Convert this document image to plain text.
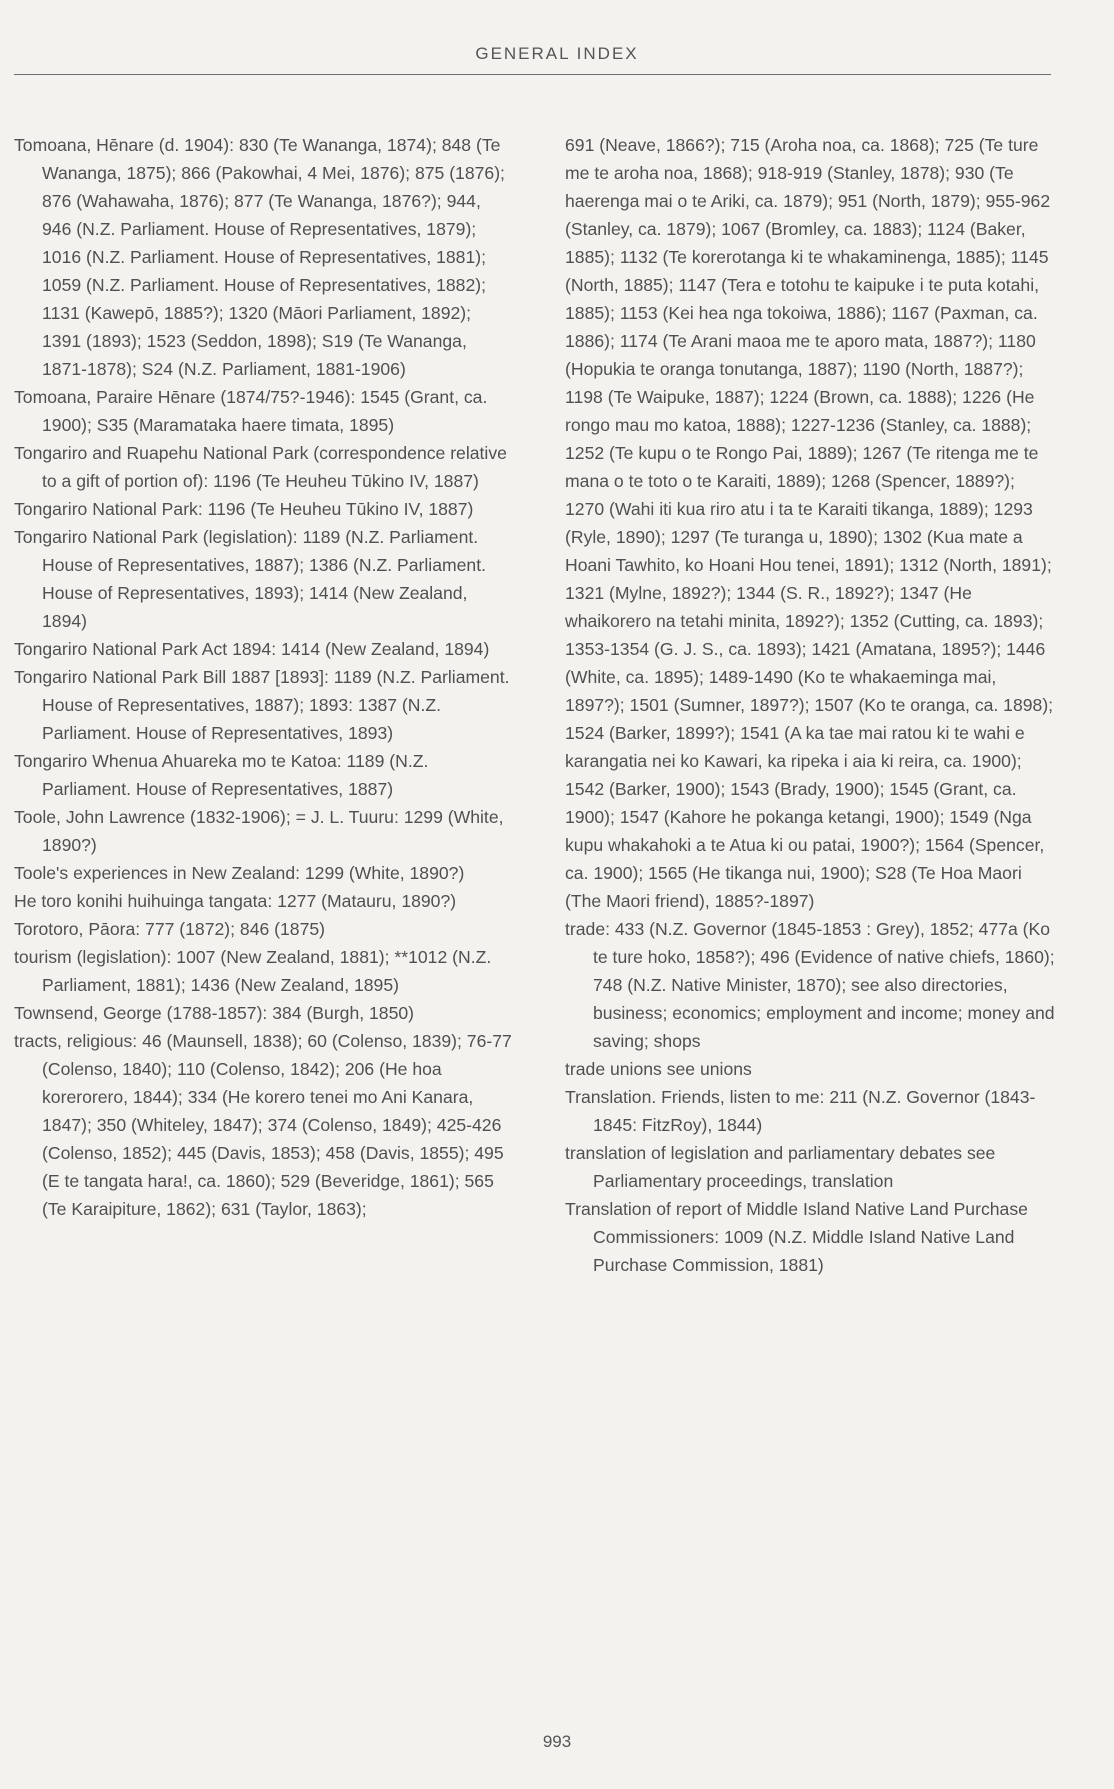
GENERAL INDEX
Tomoana, Hēnare (d. 1904): 830 (Te Wananga, 1874); 848 (Te Wananga, 1875); 866 (Pakowhai, 4 Mei, 1876); 875 (1876); 876 (Wahawaha, 1876); 877 (Te Wananga, 1876?); 944, 946 (N.Z. Parliament. House of Representatives, 1879); 1016 (N.Z. Parliament. House of Representatives, 1881); 1059 (N.Z. Parliament. House of Representatives, 1882); 1131 (Kawepō, 1885?); 1320 (Māori Parliament, 1892); 1391 (1893); 1523 (Seddon, 1898); S19 (Te Wananga, 1871-1878); S24 (N.Z. Parliament, 1881-1906)
Tomoana, Paraire Hēnare (1874/75?-1946): 1545 (Grant, ca. 1900); S35 (Maramataka haere timata, 1895)
Tongariro and Ruapehu National Park (correspondence relative to a gift of portion of): 1196 (Te Heuheu Tūkino IV, 1887)
Tongariro National Park: 1196 (Te Heuheu Tūkino IV, 1887)
Tongariro National Park (legislation): 1189 (N.Z. Parliament. House of Representatives, 1887); 1386 (N.Z. Parliament. House of Representatives, 1893); 1414 (New Zealand, 1894)
Tongariro National Park Act 1894: 1414 (New Zealand, 1894)
Tongariro National Park Bill 1887 [1893]: 1189 (N.Z. Parliament. House of Representatives, 1887); 1893: 1387 (N.Z. Parliament. House of Representatives, 1893)
Tongariro Whenua Ahuareka mo te Katoa: 1189 (N.Z. Parliament. House of Representatives, 1887)
Toole, John Lawrence (1832-1906); = J. L. Tuuru: 1299 (White, 1890?)
Toole's experiences in New Zealand: 1299 (White, 1890?)
He toro konihi huihuinga tangata: 1277 (Matauru, 1890?)
Torotoro, Pāora: 777 (1872); 846 (1875)
tourism (legislation): 1007 (New Zealand, 1881); **1012 (N.Z. Parliament, 1881); 1436 (New Zealand, 1895)
Townsend, George (1788-1857): 384 (Burgh, 1850)
tracts, religious: 46 (Maunsell, 1838); 60 (Colenso, 1839); 76-77 (Colenso, 1840); 110 (Colenso, 1842); 206 (He hoa korerorero, 1844); 334 (He korero tenei mo Ani Kanara, 1847); 350 (Whiteley, 1847); 374 (Colenso, 1849); 425-426 (Colenso, 1852); 445 (Davis, 1853); 458 (Davis, 1855); 495 (E te tangata hara!, ca. 1860); 529 (Beveridge, 1861); 565 (Te Karaipiture, 1862); 631 (Taylor, 1863);
691 (Neave, 1866?); 715 (Aroha noa, ca. 1868); 725 (Te ture me te aroha noa, 1868); 918-919 (Stanley, 1878); 930 (Te haerenga mai o te Ariki, ca. 1879); 951 (North, 1879); 955-962 (Stanley, ca. 1879); 1067 (Bromley, ca. 1883); 1124 (Baker, 1885); 1132 (Te korerotanga ki te whakaminenga, 1885); 1145 (North, 1885); 1147 (Tera e totohu te kaipuke i te puta kotahi, 1885); 1153 (Kei hea nga tokoiwa, 1886); 1167 (Paxman, ca. 1886); 1174 (Te Arani maoa me te aporo mata, 1887?); 1180 (Hopukia te oranga tonutanga, 1887); 1190 (North, 1887?); 1198 (Te Waipuke, 1887); 1224 (Brown, ca. 1888); 1226 (He rongo mau mo katoa, 1888); 1227-1236 (Stanley, ca. 1888); 1252 (Te kupu o te Rongo Pai, 1889); 1267 (Te ritenga me te mana o te toto o te Karaiti, 1889); 1268 (Spencer, 1889?); 1270 (Wahi iti kua riro atu i ta te Karaiti tikanga, 1889); 1293 (Ryle, 1890); 1297 (Te turanga u, 1890); 1302 (Kua mate a Hoani Tawhito, ko Hoani Hou tenei, 1891); 1312 (North, 1891); 1321 (Mylne, 1892?); 1344 (S. R., 1892?); 1347 (He whaikorero na tetahi minita, 1892?); 1352 (Cutting, ca. 1893); 1353-1354 (G. J. S., ca. 1893); 1421 (Amatana, 1895?); 1446 (White, ca. 1895); 1489-1490 (Ko te whakaeminga mai, 1897?); 1501 (Sumner, 1897?); 1507 (Ko te oranga, ca. 1898); 1524 (Barker, 1899?); 1541 (A ka tae mai ratou ki te wahi e karangatia nei ko Kawari, ka ripeka i aia ki reira, ca. 1900); 1542 (Barker, 1900); 1543 (Brady, 1900); 1545 (Grant, ca. 1900); 1547 (Kahore he pokanga ketangi, 1900); 1549 (Nga kupu whakahoki a te Atua ki ou patai, 1900?); 1564 (Spencer, ca. 1900); 1565 (He tikanga nui, 1900); S28 (Te Hoa Maori (The Maori friend), 1885?-1897)
trade: 433 (N.Z. Governor (1845-1853 : Grey), 1852; 477a (Ko te ture hoko, 1858?); 496 (Evidence of native chiefs, 1860); 748 (N.Z. Native Minister, 1870); see also directories, business; economics; employment and income; money and saving; shops
trade unions see unions
Translation. Friends, listen to me: 211 (N.Z. Governor (1843-1845: FitzRoy), 1844)
translation of legislation and parliamentary debates see Parliamentary proceedings, translation
Translation of report of Middle Island Native Land Purchase Commissioners: 1009 (N.Z. Middle Island Native Land Purchase Commission, 1881)
993
